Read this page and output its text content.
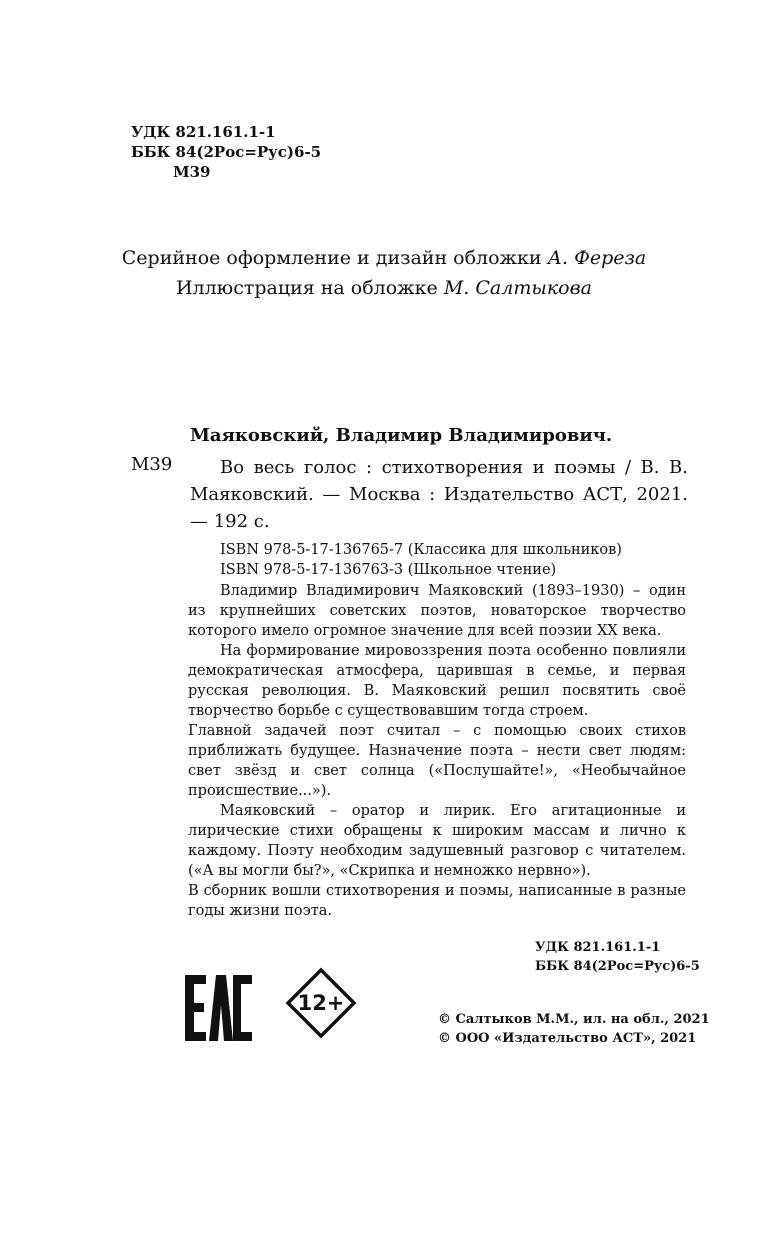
УДК 821.161.1-1
ББК 84(2Рос=Рус)6-5
М39
Серийное оформление и дизайн обложки А. Фереза
Иллюстрация на обложке М. Салтыкова
Маяковский, Владимир Владимирович.
М39	Во весь голос : стихотворения и поэмы / В. В. Маяковский. — Москва : Издательство АСТ, 2021. — 192 с.
ISBN 978-5-17-136765-7 (Классика для школьников)
ISBN 978-5-17-136763-3 (Школьное чтение)

Владимир Владимирович Маяковский (1893–1930) – один из крупнейших советских поэтов, новаторское творчество которого имело огромное значение для всей поэзии XX века.

На формирование мировоззрения поэта особенно повлияли демократическая атмосфера, царившая в семье, и первая русская революция. В. Маяковский решил посвятить своё творчество борьбе с существовавшим тогда строем.

Главной задачей поэт считал – с помощью своих стихов приближать будущее. Назначение поэта – нести свет людям: свет звёзд и свет солнца («Послушайте!», «Необычайное происшествие...»).

Маяковский – оратор и лирик. Его агитационные и лирические стихи обращены к широким массам и лично к каждому. Поэту необходим задушевный разговор с читателем. («А вы могли бы?», «Скрипка и немножко нервно»).

В сборник вошли стихотворения и поэмы, написанные в разные годы жизни поэта.

УДК 821.161.1-1
ББК 84(2Рос=Рус)6-5
12+
© Салтыков М.М., ил. на обл., 2021
© ООО «Издательство АСТ», 2021
